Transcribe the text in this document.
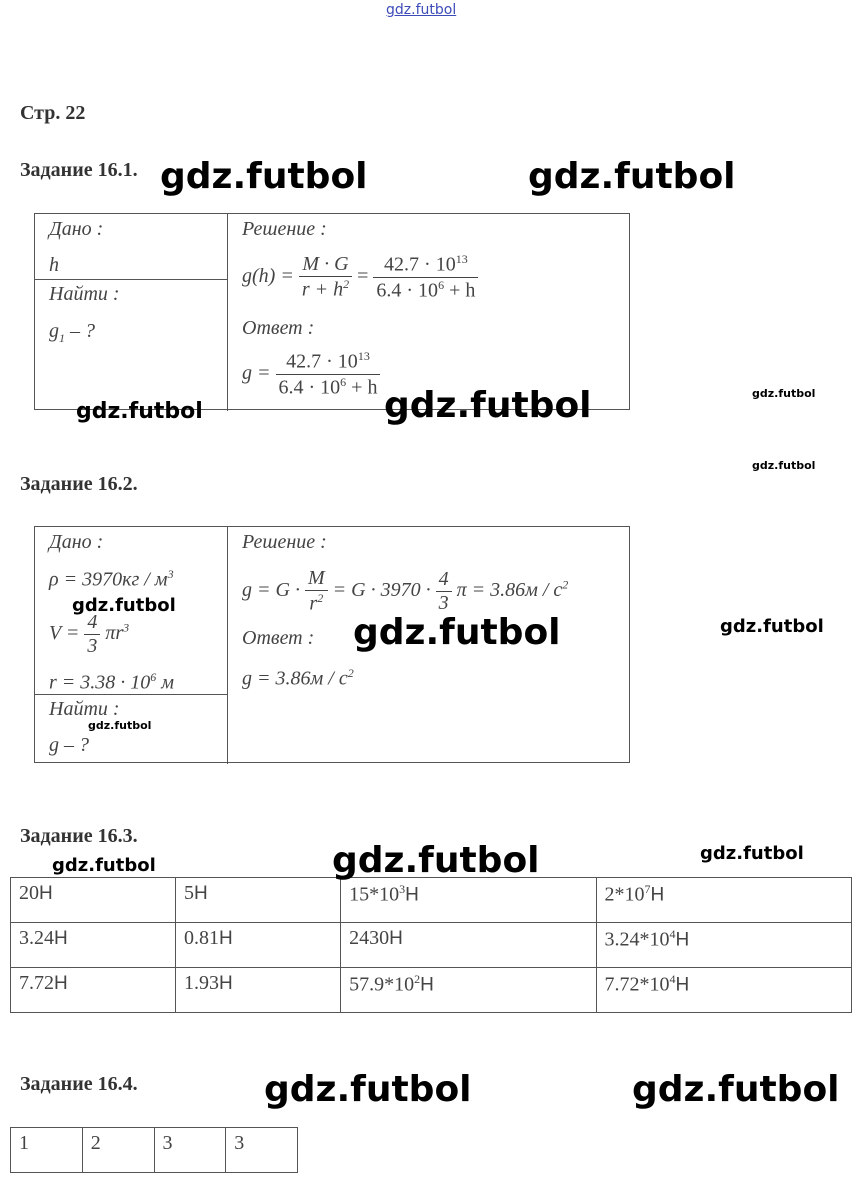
gdz.futbol
Стр. 22
Задание 16.1.
Дано :
h
Найти :
$g_1$ – ?
Решение :
$g(h) = \frac{M \cdot G}{r + h^2} = \frac{42.7 \cdot 10^{13}}{6.4 \cdot 10^6 + h}$
Ответ :
$g = \frac{42.7 \cdot 10^{13}}{6.4 \cdot 10^6 + h}$
Задание 16.2.
Дано :
$\rho = 3970кг / м^3$
$V = \frac{4}{3} \pi r^3$
$r = 3.38 \cdot 10^6$ м
Найти :
g – ?
Решение :
$g = G \cdot \frac{M}{r^2} = G \cdot 3970 \cdot \frac{4}{3}$ $\pi = 3.86м / с^2$
Ответ :
$g = 3.86м / с^2$
Задание 16.3.
20Н	5Н	$15*10^3Н$	$2*10^7Н$
3.24Н	0.81Н	2430Н	$3.24*10^4Н$
7.72Н	1.93Н	$57.9*10^2Н$	$7.72*10^4Н$
Задание 16.4.
1	2	3	3
gdz.futbol	gdz.futbol
gdz.futbol	gdz.futbol	gdz.futbol
gdz.futbol
gdz.futbol
gdz.futbol	gdz.futbol
gdz.futbol
gdz.futbol	gdz.futbol	gdz.futbol
gdz.futbol	gdz.futbol
